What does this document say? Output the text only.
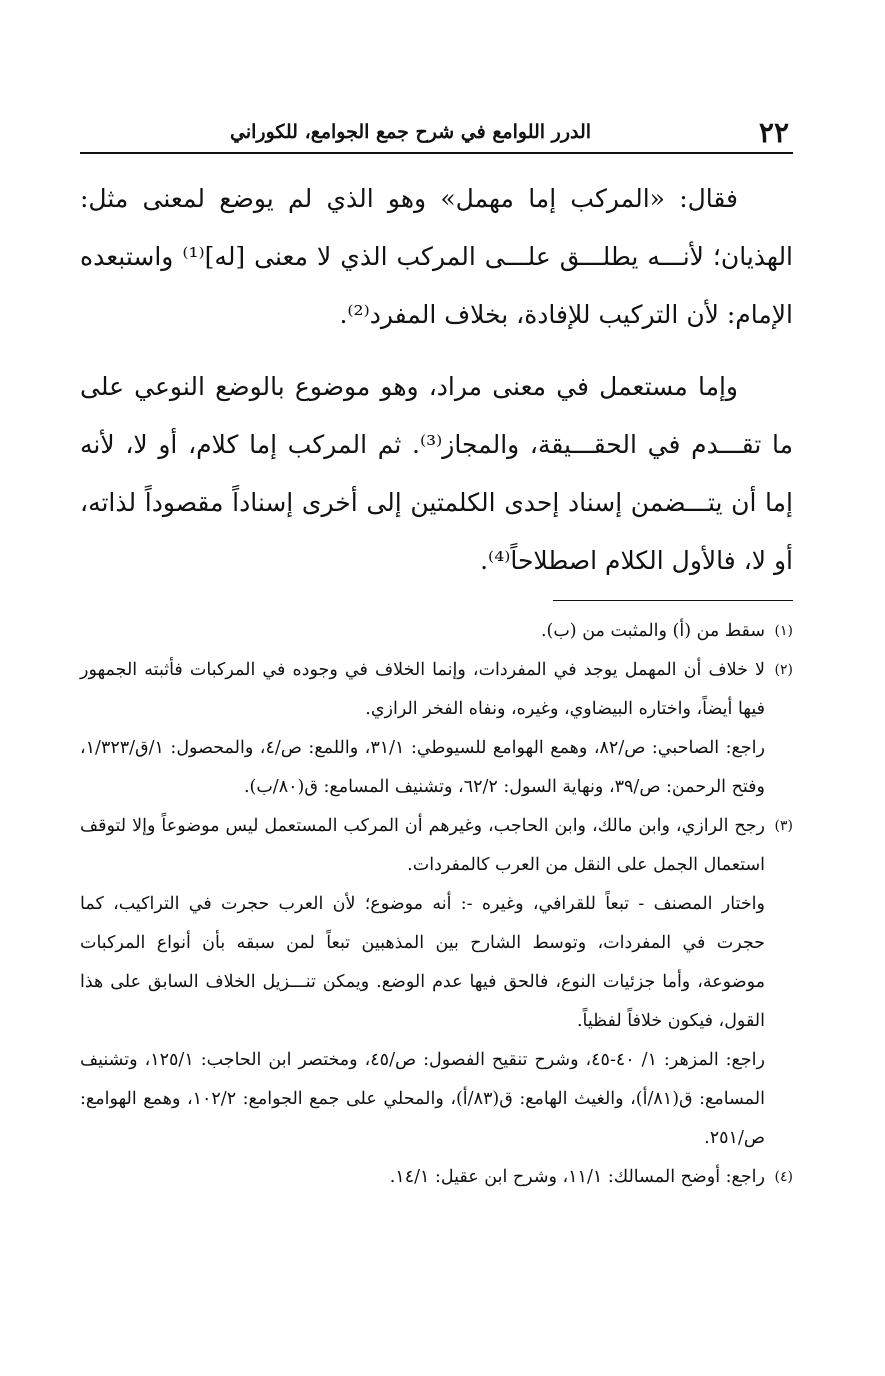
٢٢
الدرر اللوامع في شرح جمع الجوامع، للكوراني

فقال: «المركب إما مهمل» وهو الذي لم يوضع لمعنى مثل: الهذيان؛ لأنـــه يطلـــق علـــى المركب الذي لا معنى [له]⁽¹⁾ واستبعده الإمام: لأن التركيب للإفادة، بخلاف المفرد⁽²⁾.

وإما مستعمل في معنى مراد، وهو موضوع بالوضع النوعي على ما تقـــدم في الحقـــيقة، والمجاز⁽³⁾. ثم المركب إما كلام، أو لا، لأنه إما أن يتـــضمن إسناد إحدى الكلمتين إلى أخرى إسناداً مقصوداً لذاته، أو لا، فالأول الكلام اصطلاحاً⁽⁴⁾.

(١)

سقط من (أ) والمثبت من (ب).

(٢)

لا خلاف أن المهمل يوجد في المفردات، وإنما الخلاف في وجوده في المركبات فأثبته الجمهور فيها أيضاً، واختاره البيضاوي، وغيره، ونفاه الفخر الرازي.

راجع: الصاحبي: ص/٨٢، وهمع الهوامع للسيوطي: ٣١/١، واللمع: ص/٤، والمحصول: ١/ق/١/٣٢٣، وفتح الرحمن: ص/٣٩، ونهاية السول: ٦٢/٢، وتشنيف المسامع: ق(٨٠/ب).

(٣)

رجح الرازي، وابن مالك، وابن الحاجب، وغيرهم أن المركب المستعمل ليس موضوعاً وإلا لتوقف استعمال الجمل على النقل من العرب كالمفردات.

واختار المصنف - تبعاً للقرافي، وغيره -: أنه موضوع؛ لأن العرب حجرت في التراكيب، كما حجرت في المفردات، وتوسط الشارح بين المذهبين تبعاً لمن سبقه بأن أنواع المركبات موضوعة، وأما جزئيات النوع، فالحق فيها عدم الوضع. ويمكن تنـــزيل الخلاف السابق على هذا القول، فيكون خلافاً لفظياً.

راجع: المزهر: ١/ ٤٠-٤٥، وشرح تنقيح الفصول: ص/٤٥، ومختصر ابن الحاجب: ١٢٥/١، وتشنيف المسامع: ق(٨١/أ)، والغيث الهامع: ق(٨٣/أ)، والمحلي على جمع الجوامع: ١٠٢/٢، وهمع الهوامع: ص/٢٥١.

(٤)

راجع: أوضح المسالك: ١١/١، وشرح ابن عقيل: ١٤/١.
